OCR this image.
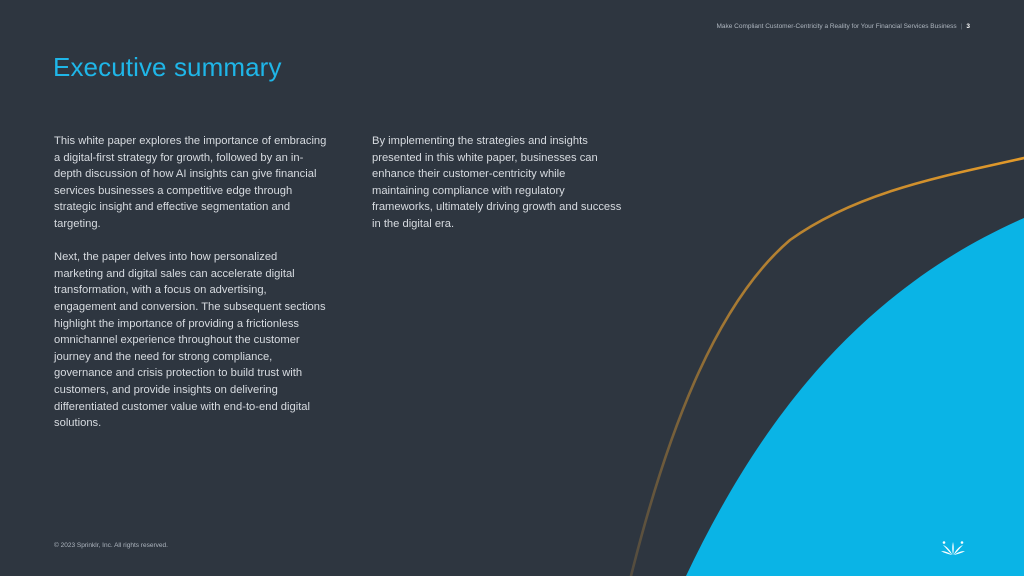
Make Compliant Customer-Centricity a Reality for Your Financial Services Business | 3
Executive summary

This white paper explores the importance of embracing a digital-first strategy for growth, followed by an in-depth discussion of how AI insights can give financial services businesses a competitive edge through strategic insight and effective segmentation and targeting.

Next, the paper delves into how personalized marketing and digital sales can accelerate digital transformation, with a focus on advertising, engagement and conversion. The subsequent sections highlight the importance of providing a frictionless omnichannel experience throughout the customer journey and the need for strong compliance, governance and crisis protection to build trust with customers, and provide insights on delivering differentiated customer value with end-to-end digital solutions.

By implementing the strategies and insights presented in this white paper, businesses can enhance their customer-centricity while maintaining compliance with regulatory frameworks, ultimately driving growth and success in the digital era.

© 2023 Sprinklr, Inc. All rights reserved.
